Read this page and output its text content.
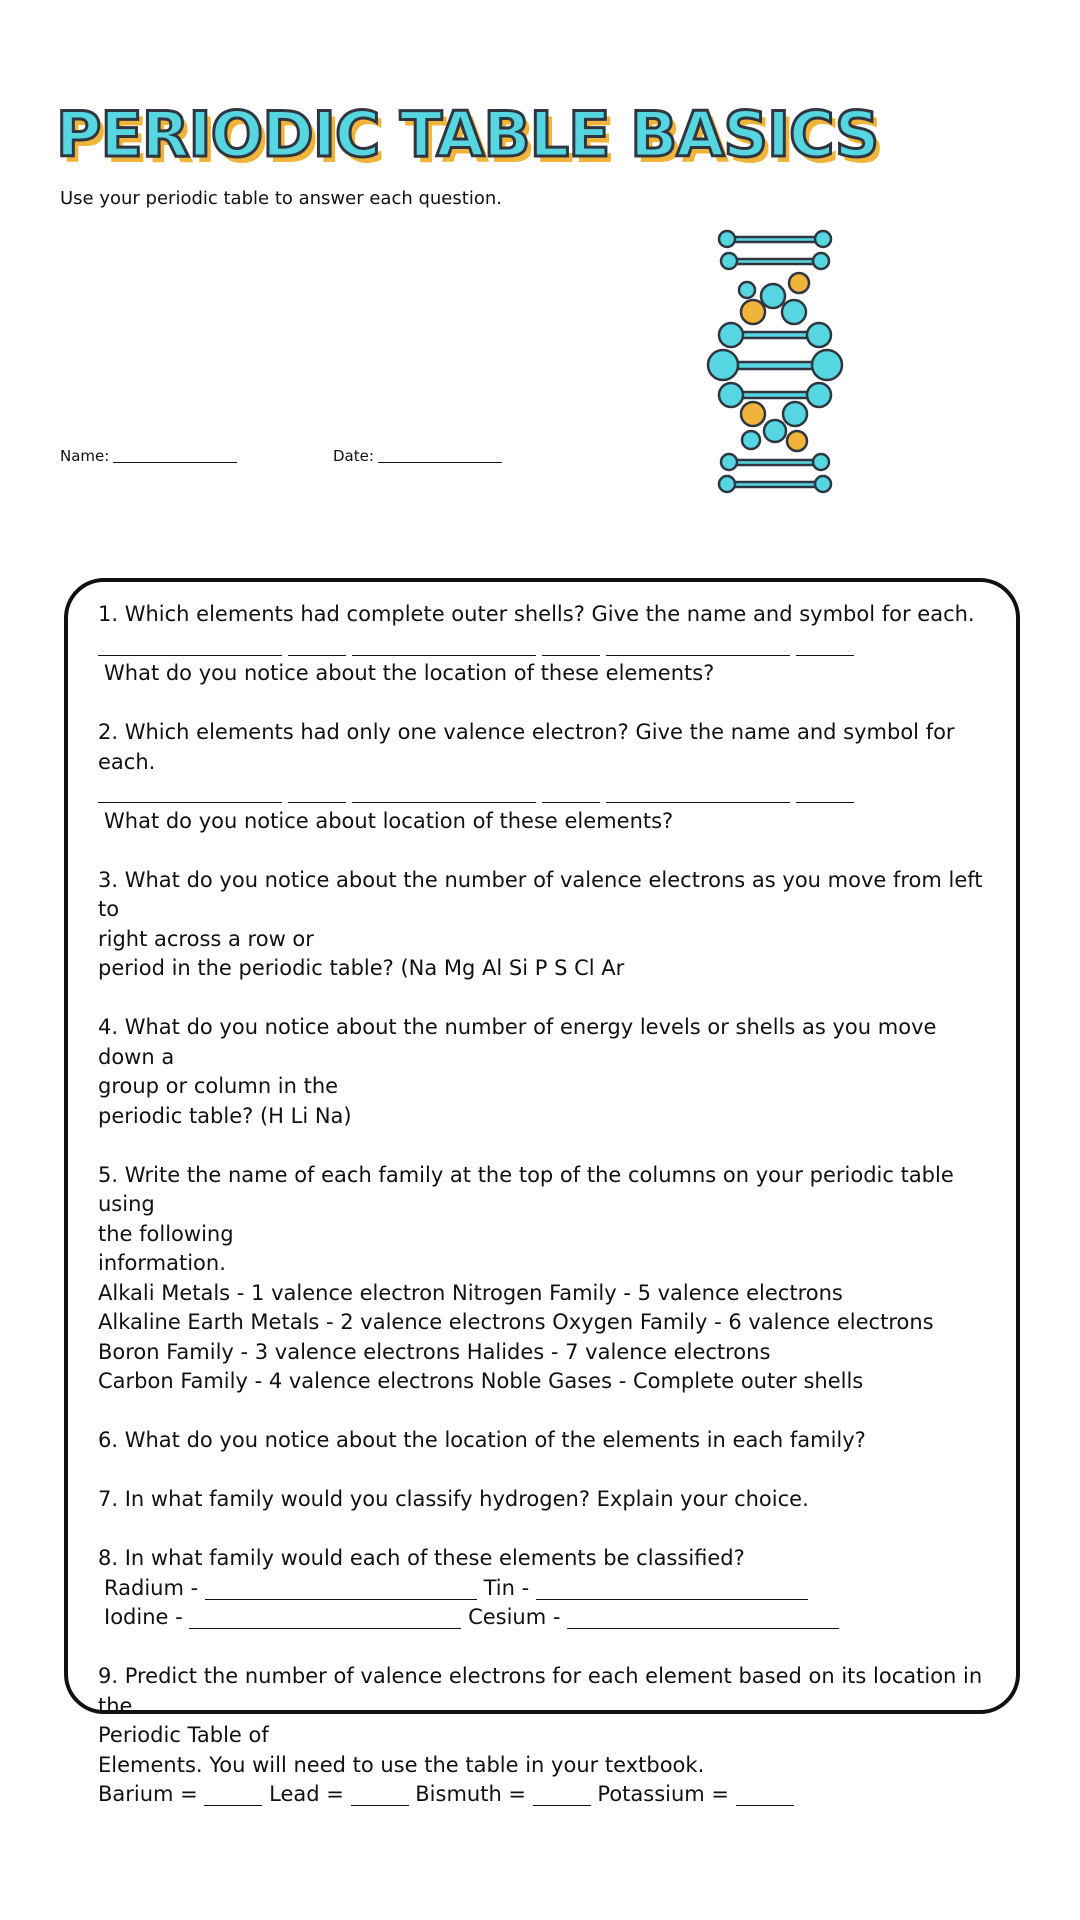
PERIODIC TABLE BASICS

Use your periodic table to answer each question.

Name:	Date:

1. Which elements had complete outer shells? Give the name and symbol for each.

What do you notice about the location of these elements?

2. Which elements had only one valence electron? Give the name and symbol for each.

What do you notice about location of these elements?

3. What do you notice about the number of valence electrons as you move from left to

right across a row or

period in the periodic table? (Na Mg Al Si P S Cl Ar

4. What do you notice about the number of energy levels or shells as you move down a

group or column in the

periodic table? (H Li Na)

5. Write the name of each family at the top of the columns on your periodic table using

the following

information.

Alkali Metals - 1 valence electron Nitrogen Family - 5 valence electrons

Alkaline Earth Metals - 2 valence electrons Oxygen Family - 6 valence electrons

Boron Family - 3 valence electrons Halides - 7 valence electrons

Carbon Family - 4 valence electrons Noble Gases - Complete outer shells

6. What do you notice about the location of the elements in each family?

7. In what family would you classify hydrogen? Explain your choice.

8. In what family would each of these elements be classified?

Radium -	Tin -

Iodine -	Cesium -

9. Predict the number of valence electrons for each element based on its location in the

Periodic Table of

Elements. You will need to use the table in your textbook.

Barium =	Lead =	Bismuth =	Potassium =
